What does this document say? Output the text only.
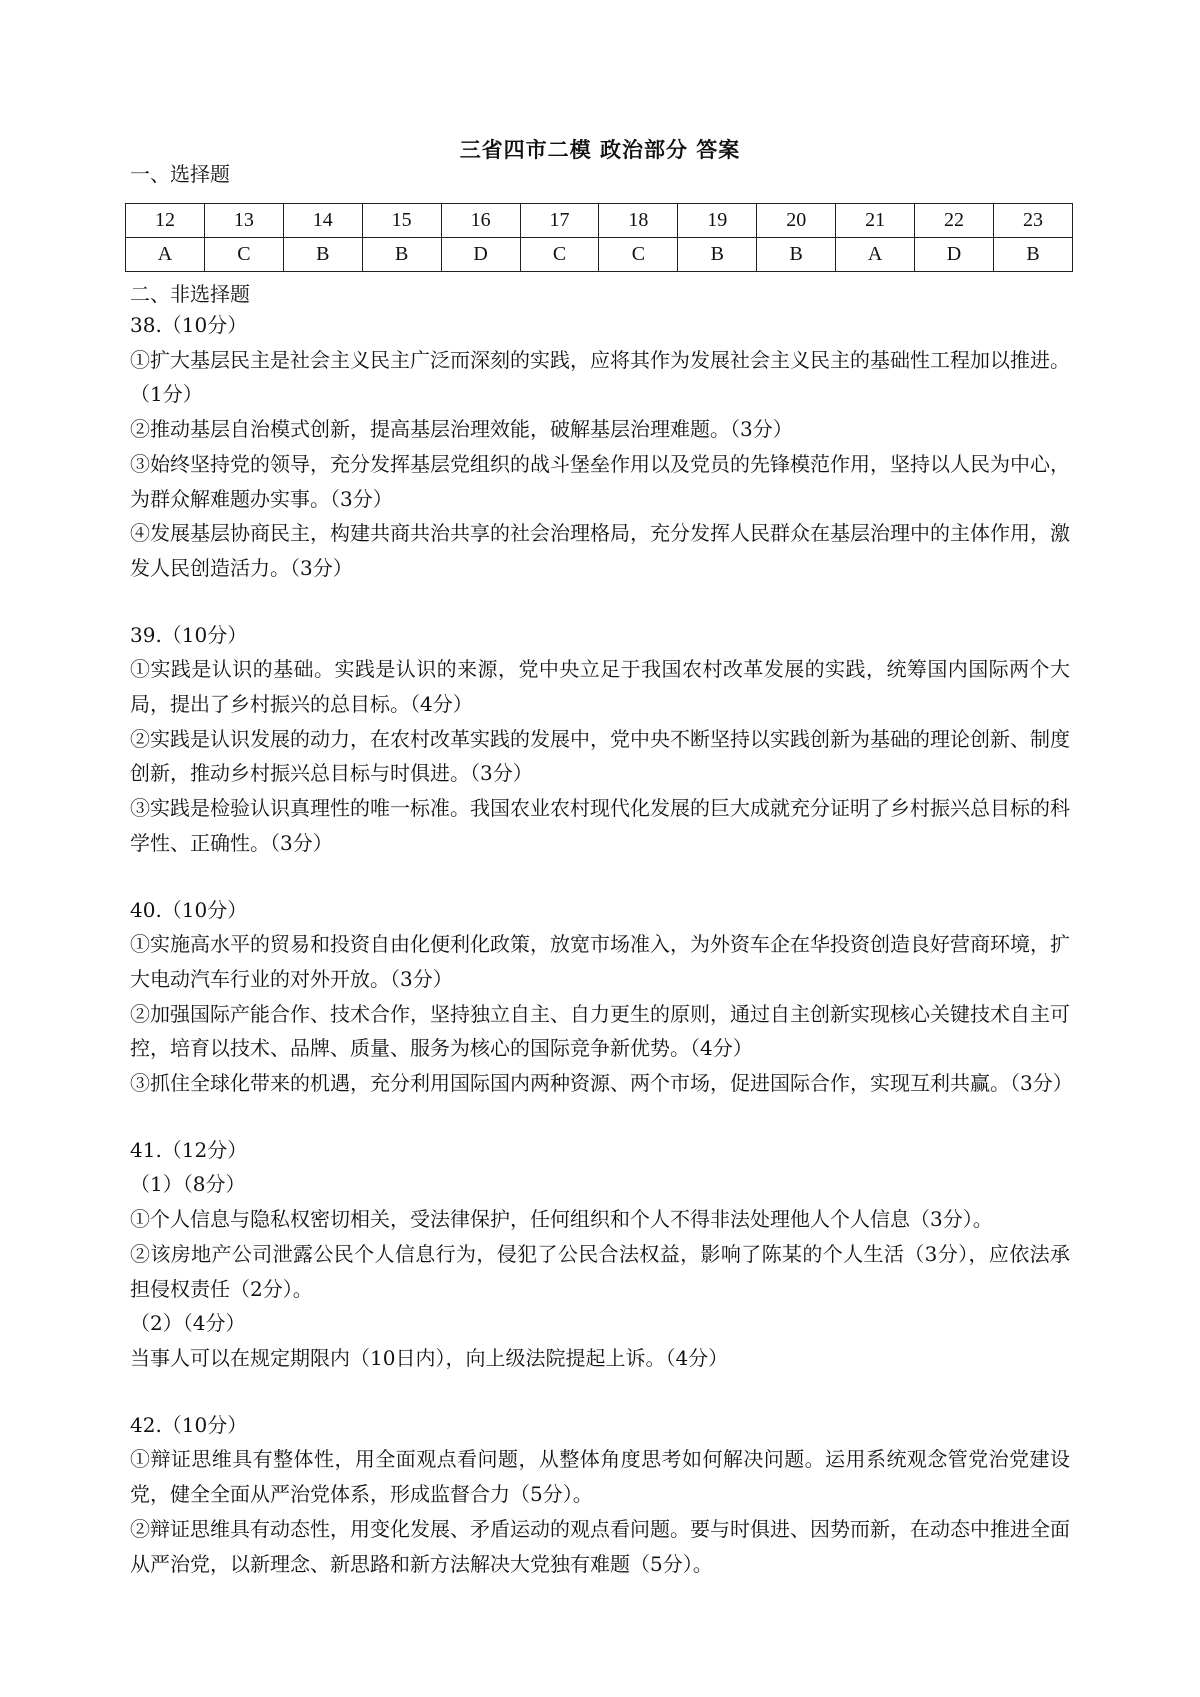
三省四市二模 政治部分 答案
一、选择题
12	13	14	15	16	17	18	19	20	21	22	23
A	C	B	B	D	C	C	B	B	A	D	B
二、非选择题
38.（10分）
①扩大基层民主是社会主义民主广泛而深刻的实践，应将其作为发展社会主义民主的基础性工程加以推进。（1分）
②推动基层自治模式创新，提高基层治理效能，破解基层治理难题。（3分）
③始终坚持党的领导，充分发挥基层党组织的战斗堡垒作用以及党员的先锋模范作用，坚持以人民为中心，为群众解难题办实事。（3分）
④发展基层协商民主，构建共商共治共享的社会治理格局，充分发挥人民群众在基层治理中的主体作用，激发人民创造活力。（3分）
39.（10分）
①实践是认识的基础。实践是认识的来源，党中央立足于我国农村改革发展的实践，统筹国内国际两个大局，提出了乡村振兴的总目标。（4分）
②实践是认识发展的动力，在农村改革实践的发展中，党中央不断坚持以实践创新为基础的理论创新、制度创新，推动乡村振兴总目标与时俱进。（3分）
③实践是检验认识真理性的唯一标准。我国农业农村现代化发展的巨大成就充分证明了乡村振兴总目标的科学性、正确性。（3分）
40.（10分）
①实施高水平的贸易和投资自由化便利化政策，放宽市场准入，为外资车企在华投资创造良好营商环境，扩大电动汽车行业的对外开放。（3分）
②加强国际产能合作、技术合作，坚持独立自主、自力更生的原则，通过自主创新实现核心关键技术自主可控，培育以技术、品牌、质量、服务为核心的国际竞争新优势。（4分）
③抓住全球化带来的机遇，充分利用国际国内两种资源、两个市场，促进国际合作，实现互利共赢。（3分）
41.（12分）
（1）（8分）
①个人信息与隐私权密切相关，受法律保护，任何组织和个人不得非法处理他人个人信息（3分）。
②该房地产公司泄露公民个人信息行为，侵犯了公民合法权益，影响了陈某的个人生活（3分），应依法承担侵权责任（2分）。
（2）（4分）
当事人可以在规定期限内（10日内），向上级法院提起上诉。（4分）
42.（10分）
①辩证思维具有整体性，用全面观点看问题，从整体角度思考如何解决问题。运用系统观念管党治党建设党，健全全面从严治党体系，形成监督合力（5分）。
②辩证思维具有动态性，用变化发展、矛盾运动的观点看问题。要与时俱进、因势而新，在动态中推进全面从严治党，以新理念、新思路和新方法解决大党独有难题（5分）。
